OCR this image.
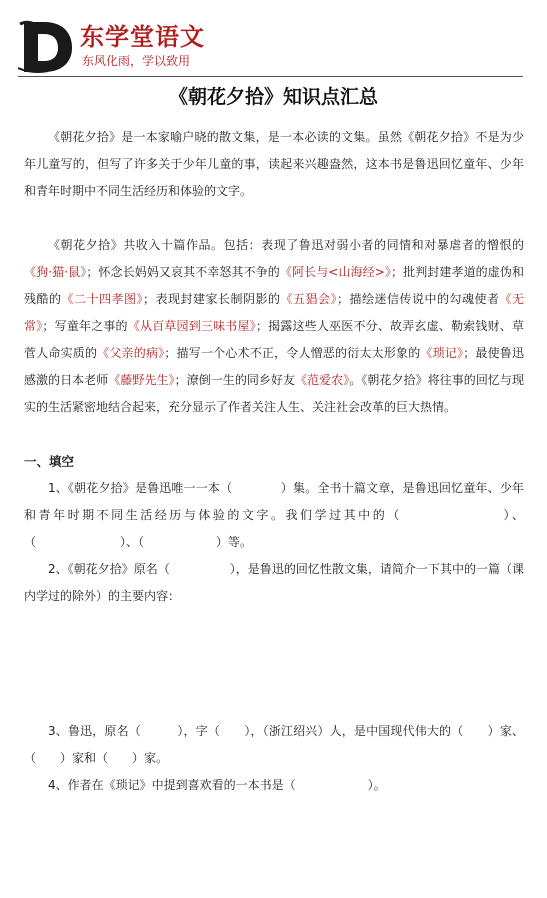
东学堂语文
东风化雨，学以致用
《朝花夕拾》知识点汇总

《朝花夕拾》是一本家喻户晓的散文集，是一本必读的文集。虽然《朝花夕拾》不是为少年儿童写的，但写了许多关于少年儿童的事，读起来兴趣盎然，这本书是鲁迅回忆童年、少年和青年时期中不同生活经历和体验的文字。

《朝花夕拾》共收入十篇作品。包括：表现了鲁迅对弱小者的同情和对暴虐者的憎恨的《狗·猫·鼠》；怀念长妈妈又哀其不幸怒其不争的《阿长与<山海经>》；批判封建孝道的虚伪和残酷的《二十四孝图》；表现封建家长制阴影的《五猖会》；描绘迷信传说中的勾魂使者《无常》；写童年之事的《从百草园到三味书屋》；揭露这些人巫医不分、故弄玄虚、勒索钱财、草菅人命实质的《父亲的病》；描写一个心术不正，令人憎恶的衍太太形象的《琐记》；最使鲁迅感激的日本老师《藤野先生》；潦倒一生的同乡好友《范爱农》。《朝花夕拾》将往事的回忆与现实的生活紧密地结合起来，充分显示了作者关注人生、关注社会改革的巨大热情。

一、填空

1、《朝花夕拾》是鲁迅唯一一本（　　　　）集。全书十篇文章，是鲁迅回忆童年、少年和青年时期不同生活经历与体验的文字。我们学过其中的（　　　　　　　）、（　　　　　　　）、（　　　　　　）等。

2、《朝花夕拾》原名（　　　　　），是鲁迅的回忆性散文集，请简介一下其中的一篇（课内学过的除外）的主要内容：

3、鲁迅，原名（　　　），字（　　），（浙江绍兴）人，是中国现代伟大的（　　）家、（　　）家和（　　）家。

4、作者在《琐记》中提到喜欢看的一本书是（　　　　　　）。
